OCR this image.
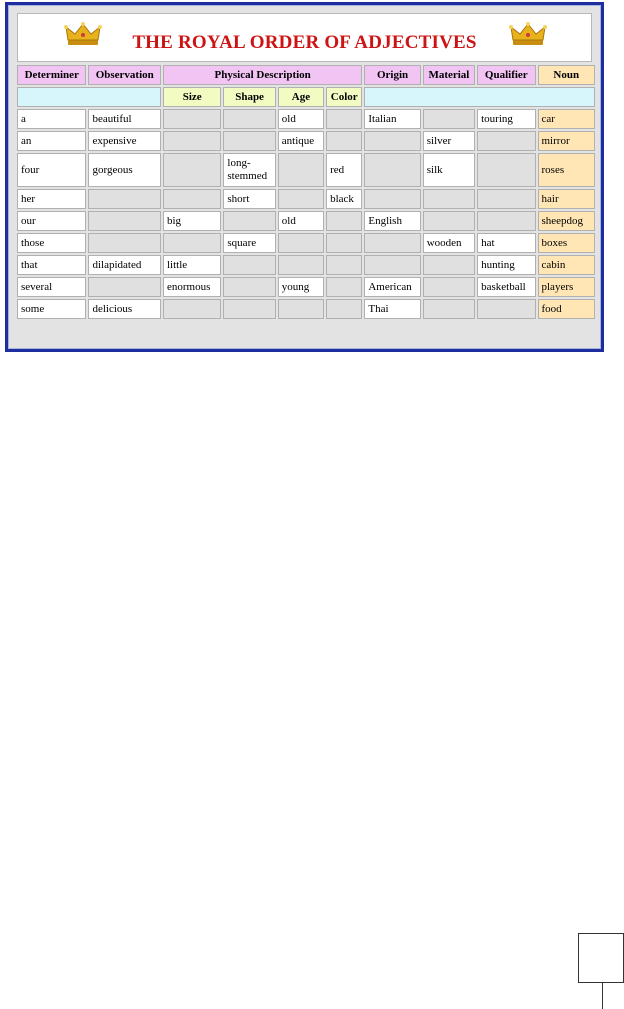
THE ROYAL ORDER OF ADJECTIVES
Determiner	Observation	Physical Description				Origin	Material	Qualifier	Noun
		Size	Shape	Age	Color				
a	beautiful			old		Italian		touring	car
an	expensive			antique			silver		mirror
four	gorgeous		long-stemmed		red		silk		roses
her			short		black				hair
our		big		old		English			sheepdog
those			square				wooden	hat	boxes
that	dilapidated	little						hunting	cabin
several		enormous		young		American		basketball	players
some	delicious					Thai			food
